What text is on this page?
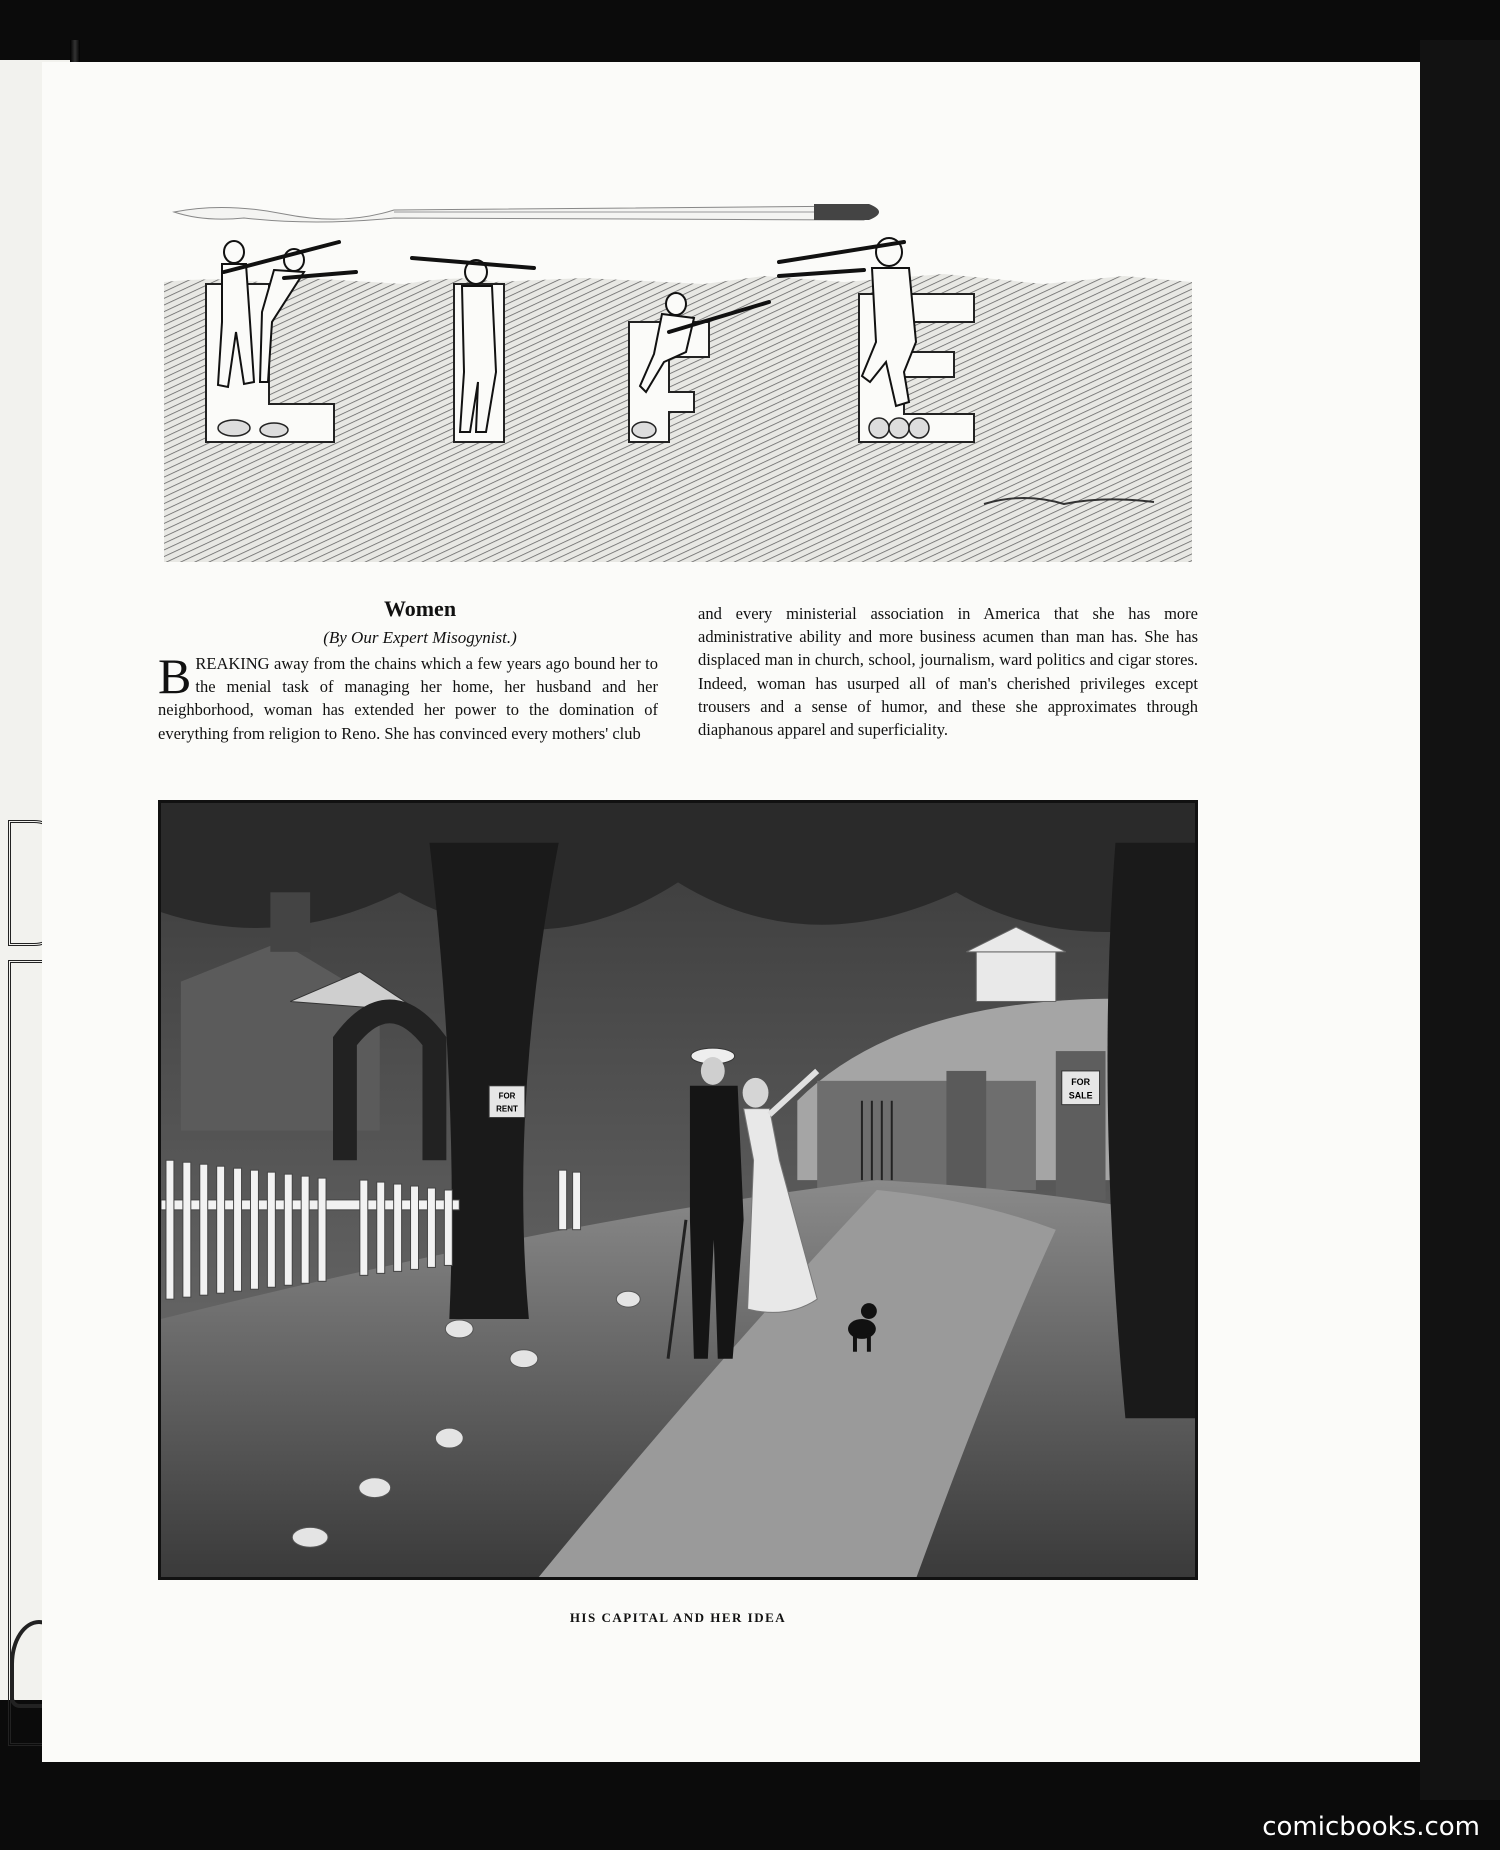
Women
(By Our Expert Misogynist.)
B REAKING away from the chains which a few years ago bound her to the menial task of managing her home, her husband and her neighborhood, woman has extended her power to the domination of everything from religion to Reno. She has convinced every mothers' club
and every ministerial association in America that she has more administrative ability and more business acumen than man has. She has displaced man in church, school, journalism, ward politics and cigar stores. Indeed, woman has usurped all of man's cherished privileges except trousers and a sense of humor, and these she approximates through diaphanous apparel and superficiality.
FOR
SALE
FOR
RENT
HIS CAPITAL AND HER IDEA
comicbooks.com
